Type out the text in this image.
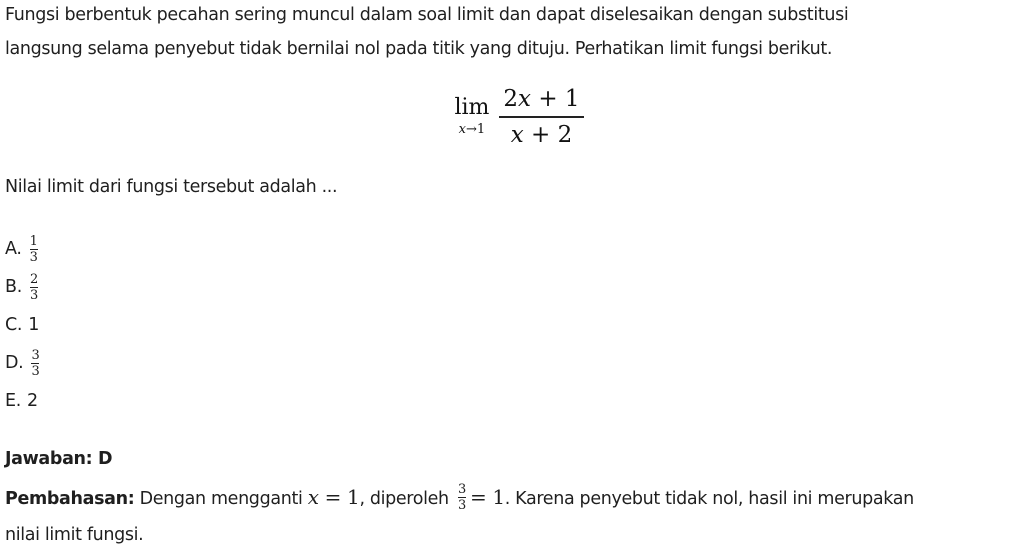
Fungsi berbentuk pecahan sering muncul dalam soal limit dan dapat diselesaikan dengan substitusi
langsung selama penyebut tidak bernilai nol pada titik yang dituju. Perhatikan limit fungsi berikut.

lim
$x\to 1 \frac{2x + 1}{x + 2}$
Nilai limit dari fungsi tersebut adalah ...
A. 1
3
B. 2
3
C. 1
D. 3
3
E. 2
Jawaban: D
Pembahasan: Dengan mengganti x = 1, diperoleh $\frac{3}{3} = 1$. Karena penyebut tidak nol, hasil ini merupakan
nilai limit fungsi.
